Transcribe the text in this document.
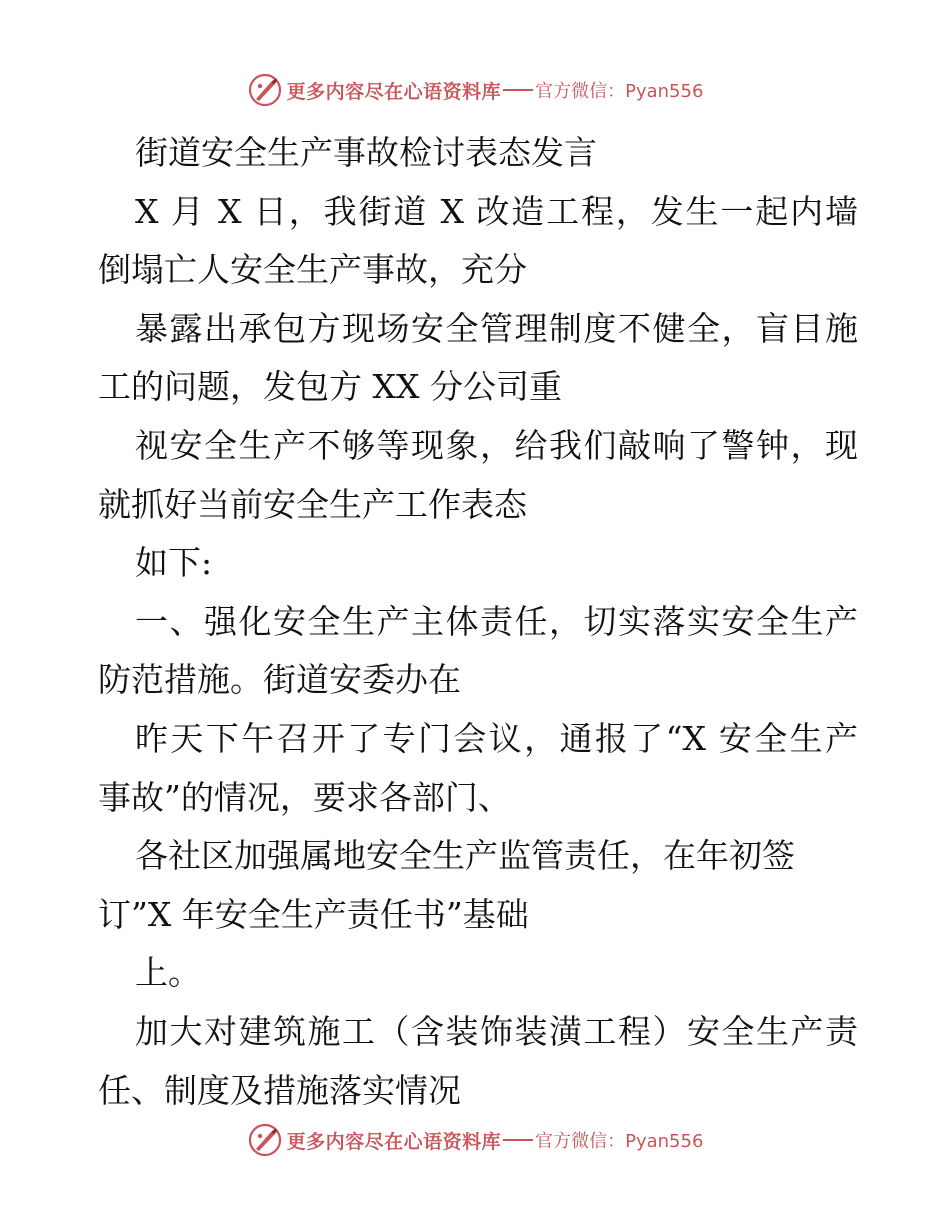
更多内容尽在心语资料库 官方微信：Pyan556
街道安全生产事故检讨表态发言
X 月 X 日，我街道 X 改造工程，发生一起内墙
倒塌亡人安全生产事故，充分
暴露出承包方现场安全管理制度不健全，盲目施
工的问题，发包方 XX 分公司重
视安全生产不够等现象，给我们敲响了警钟，现
就抓好当前安全生产工作表态
如下:
一、强化安全生产主体责任，切实落实安全生产
防范措施。街道安委办在
昨天下午召开了专门会议，通报了“X 安全生产
事故”的情况，要求各部门、
各社区加强属地安全生产监管责任，在年初签
订”X 年安全生产责任书”基础
上。
加大对建筑施工（含装饰装潢工程）安全生产责
任、制度及措施落实情况
更多内容尽在心语资料库 官方微信：Pyan556
